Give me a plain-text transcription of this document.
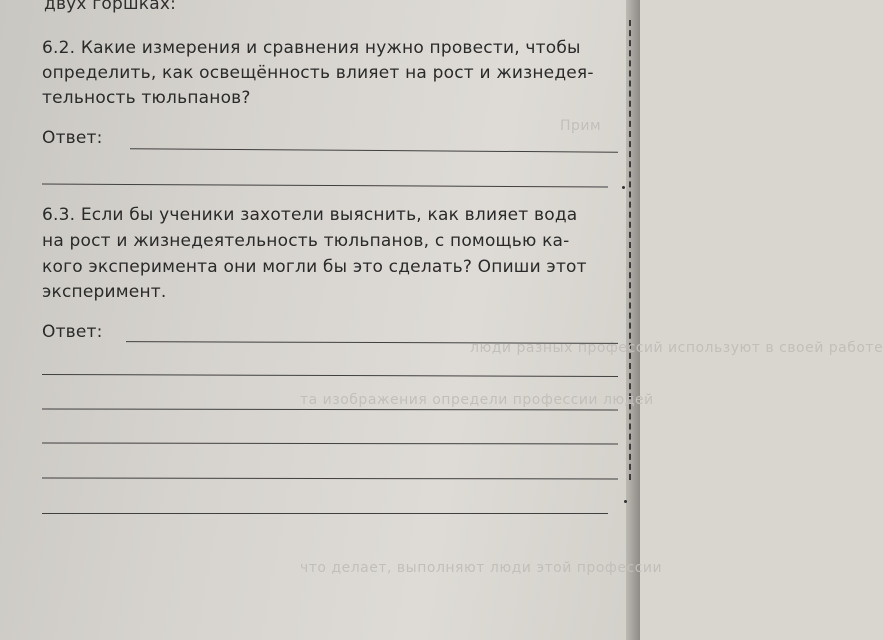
Прим
люди разных профессий используют в своей работе
та изображения определи профессии людей
что делает, выполняют люди этой профессии
двух горшках:
6.2. Какие измерения и сравнения нужно провести, чтобы
определить, как освещённость влияет на рост и жизнедея-
тельность тюльпанов?
Ответ:
6.3. Если бы ученики захотели выяснить, как влияет вода
на рост и жизнедеятельность тюльпанов, с помощью ка-
кого эксперимента они могли бы это сделать? Опиши этот
эксперимент.
Ответ:
